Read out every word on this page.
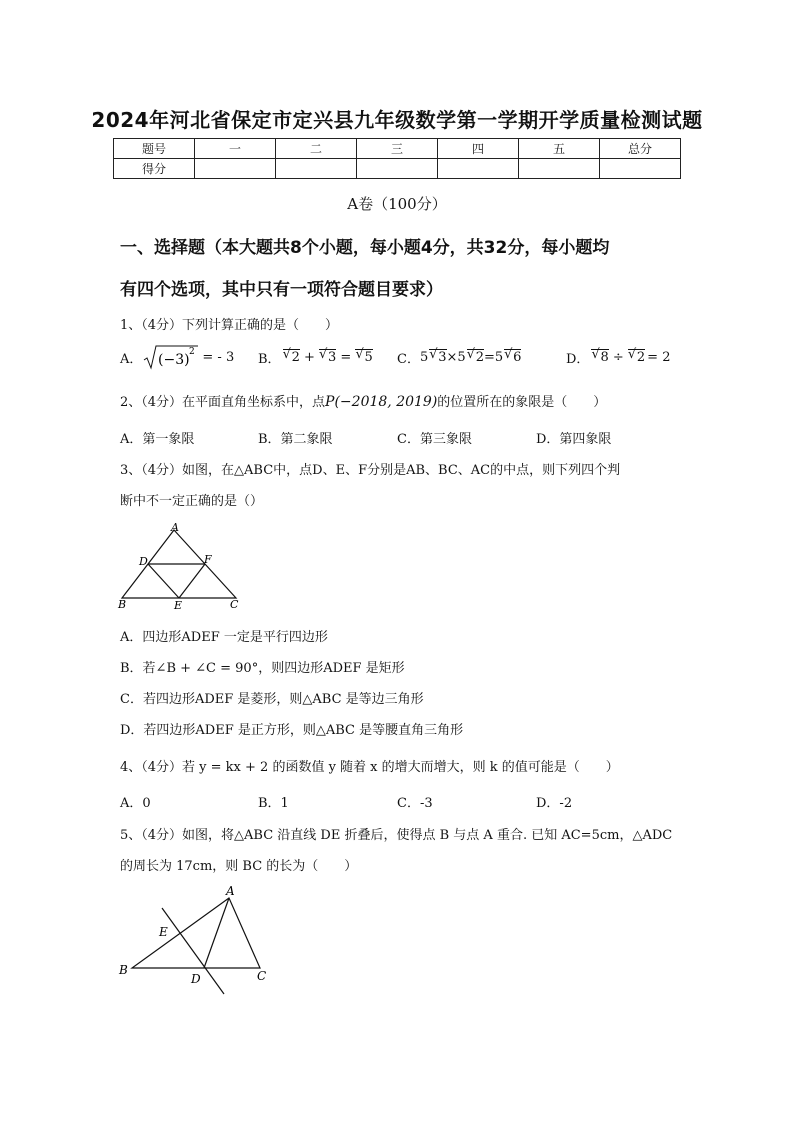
2024年河北省保定市定兴县九年级数学第一学期开学质量检测试题
题号	一	二	三	四	五	总分
得分						
A卷（100分）
一、选择题（本大题共8个小题，每小题4分，共32分，每小题均
有四个选项，其中只有一项符合题目要求）
1、（4分）下列计算正确的是（　　）
A． (−3) 2 = - 3 B． √ 2 + √ 3 = √ 5 C． 5 √ 3 ×5 √ 2 =5 √ 6	D． √ 8 ÷ √ 2 = 2
2、（4分）在平面直角坐标系中，点P(−2018, 2019)的位置所在的象限是（　　）
A．第一象限	B．第二象限	C．第三象限	D．第四象限
3、（4分）如图，在△ABC中，点D、E、F分别是AB、BC、AC的中点，则下列四个判
断中不一定正确的是（）
A
D	F
B	E	C
A．四边形ADEF 一定是平行四边形
B．若∠B + ∠C = 90°，则四边形ADEF 是矩形
C．若四边形ADEF 是菱形，则△ABC 是等边三角形
D．若四边形ADEF 是正方形，则△ABC 是等腰直角三角形
4、（4分）若 y = kx + 2 的函数值 y 随着 x 的增大而增大，则 k 的值可能是（　　）
A．0	B．1	C．-3	D．-2
5、（4分）如图，将△ABC 沿直线 DE 折叠后，使得点 B 与点 A 重合. 已知 AC=5cm，△ADC
的周长为 17cm，则 BC 的长为（　　）
A
E
B
D	C
